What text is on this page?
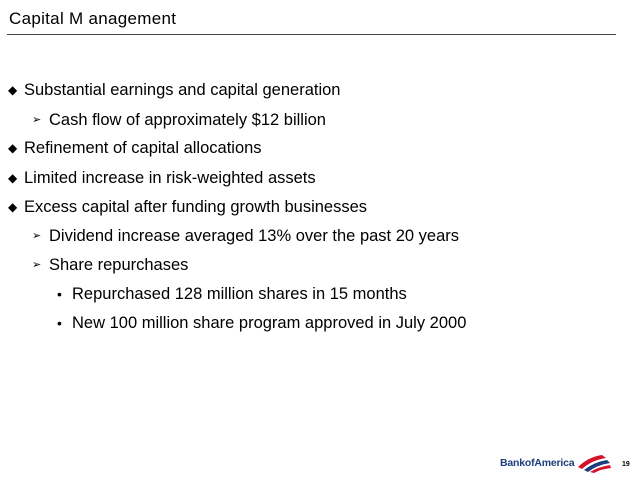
Capital M anagement
◆ Substantial earnings and capital generation
➢ Cash flow of approximately $12 billion
◆ Refinement of capital allocations
◆ Limited increase in risk-weighted assets
◆ Excess capital after funding growth businesses
➢ Dividend increase averaged 13% over the past 20 years
➢ Share repurchases
• Repurchased 128 million shares in 15 months
• New 100 million share program approved in July 2000
BankofAmerica	19
